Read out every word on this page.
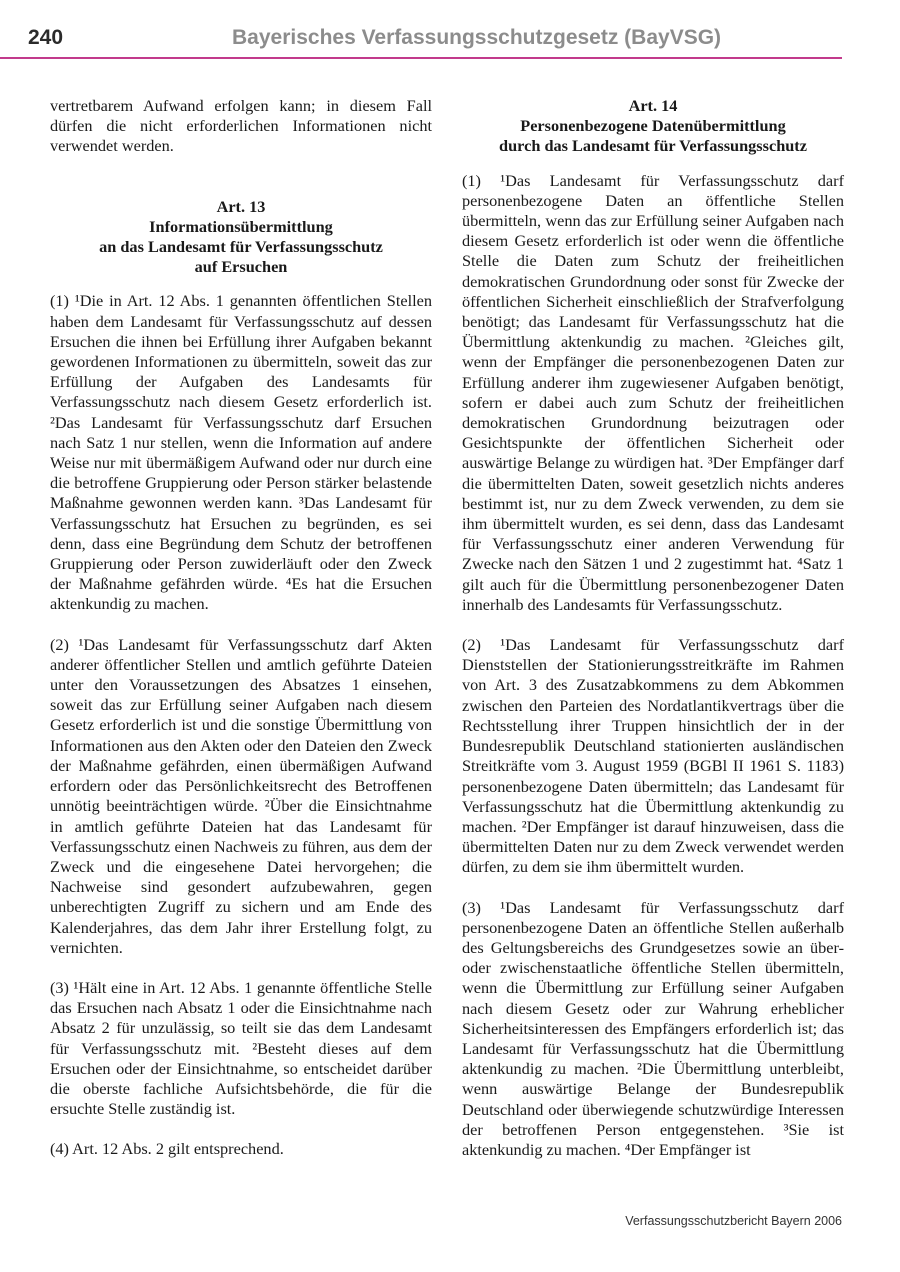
240	Bayerisches Verfassungsschutzgesetz (BayVSG)

vertretbarem Aufwand erfolgen kann; in diesem Fall dürfen die nicht erforderlichen Informationen nicht verwendet werden.

Art. 13
Informationsübermittlung
an das Landesamt für Verfassungsschutz
auf Ersuchen

(1) ¹Die in Art. 12 Abs. 1 genannten öffentlichen Stellen haben dem Landesamt für Verfassungsschutz auf dessen Ersuchen die ihnen bei Erfüllung ihrer Aufgaben bekannt gewordenen Informationen zu übermitteln, soweit das zur Erfüllung der Aufgaben des Landesamts für Verfassungsschutz nach diesem Gesetz erforderlich ist. ²Das Landesamt für Verfassungsschutz darf Ersuchen nach Satz 1 nur stellen, wenn die Information auf andere Weise nur mit übermäßigem Aufwand oder nur durch eine die betroffene Gruppierung oder Person stärker belastende Maßnahme gewonnen werden kann. ³Das Landesamt für Verfassungsschutz hat Ersuchen zu begründen, es sei denn, dass eine Begründung dem Schutz der betroffenen Gruppierung oder Person zuwiderläuft oder den Zweck der Maßnahme gefährden würde. ⁴Es hat die Ersuchen aktenkundig zu machen.

(2) ¹Das Landesamt für Verfassungsschutz darf Akten anderer öffentlicher Stellen und amtlich geführte Dateien unter den Voraussetzungen des Absatzes 1 einsehen, soweit das zur Erfüllung seiner Aufgaben nach diesem Gesetz erforderlich ist und die sonstige Übermittlung von Informationen aus den Akten oder den Dateien den Zweck der Maßnahme gefährden, einen übermäßigen Aufwand erfordern oder das Persönlichkeitsrecht des Betroffenen unnötig beeinträchtigen würde. ²Über die Einsichtnahme in amtlich geführte Dateien hat das Landesamt für Verfassungsschutz einen Nachweis zu führen, aus dem der Zweck und die eingesehene Datei hervorgehen; die Nachweise sind gesondert aufzubewahren, gegen unberechtigten Zugriff zu sichern und am Ende des Kalenderjahres, das dem Jahr ihrer Erstellung folgt, zu vernichten.

(3) ¹Hält eine in Art. 12 Abs. 1 genannte öffentliche Stelle das Ersuchen nach Absatz 1 oder die Einsichtnahme nach Absatz 2 für unzulässig, so teilt sie das dem Landesamt für Verfassungsschutz mit. ²Besteht dieses auf dem Ersuchen oder der Einsichtnahme, so entscheidet darüber die oberste fachliche Aufsichtsbehörde, die für die ersuchte Stelle zuständig ist.

(4) Art. 12 Abs. 2 gilt entsprechend.

Art. 14
Personenbezogene Datenübermittlung
durch das Landesamt für Verfassungsschutz

(1) ¹Das Landesamt für Verfassungsschutz darf personenbezogene Daten an öffentliche Stellen übermitteln, wenn das zur Erfüllung seiner Aufgaben nach diesem Gesetz erforderlich ist oder wenn die öffentliche Stelle die Daten zum Schutz der freiheitlichen demokratischen Grundordnung oder sonst für Zwecke der öffentlichen Sicherheit einschließlich der Strafverfolgung benötigt; das Landesamt für Verfassungsschutz hat die Übermittlung aktenkundig zu machen. ²Gleiches gilt, wenn der Empfänger die personenbezogenen Daten zur Erfüllung anderer ihm zugewiesener Aufgaben benötigt, sofern er dabei auch zum Schutz der freiheitlichen demokratischen Grundordnung beizutragen oder Gesichtspunkte der öffentlichen Sicherheit oder auswärtige Belange zu würdigen hat. ³Der Empfänger darf die übermittelten Daten, soweit gesetzlich nichts anderes bestimmt ist, nur zu dem Zweck verwenden, zu dem sie ihm übermittelt wurden, es sei denn, dass das Landesamt für Verfassungsschutz einer anderen Verwendung für Zwecke nach den Sätzen 1 und 2 zugestimmt hat. ⁴Satz 1 gilt auch für die Übermittlung personenbezogener Daten innerhalb des Landesamts für Verfassungsschutz.

(2) ¹Das Landesamt für Verfassungsschutz darf Dienststellen der Stationierungsstreitkräfte im Rahmen von Art. 3 des Zusatzabkommens zu dem Abkommen zwischen den Parteien des Nordatlantikvertrags über die Rechtsstellung ihrer Truppen hinsichtlich der in der Bundesrepublik Deutschland stationierten ausländischen Streitkräfte vom 3. August 1959 (BGBl II 1961 S. 1183) personenbezogene Daten übermitteln; das Landesamt für Verfassungsschutz hat die Übermittlung aktenkundig zu machen. ²Der Empfänger ist darauf hinzuweisen, dass die übermittelten Daten nur zu dem Zweck verwendet werden dürfen, zu dem sie ihm übermittelt wurden.

(3) ¹Das Landesamt für Verfassungsschutz darf personenbezogene Daten an öffentliche Stellen außerhalb des Geltungsbereichs des Grundgesetzes sowie an über- oder zwischenstaatliche öffentliche Stellen übermitteln, wenn die Übermittlung zur Erfüllung seiner Aufgaben nach diesem Gesetz oder zur Wahrung erheblicher Sicherheitsinteressen des Empfängers erforderlich ist; das Landesamt für Verfassungsschutz hat die Übermittlung aktenkundig zu machen. ²Die Übermittlung unterbleibt, wenn auswärtige Belange der Bundesrepublik Deutschland oder überwiegende schutzwürdige Interessen der betroffenen Person entgegenstehen. ³Sie ist aktenkundig zu machen. ⁴Der Empfänger ist

Verfassungsschutzbericht Bayern 2006
